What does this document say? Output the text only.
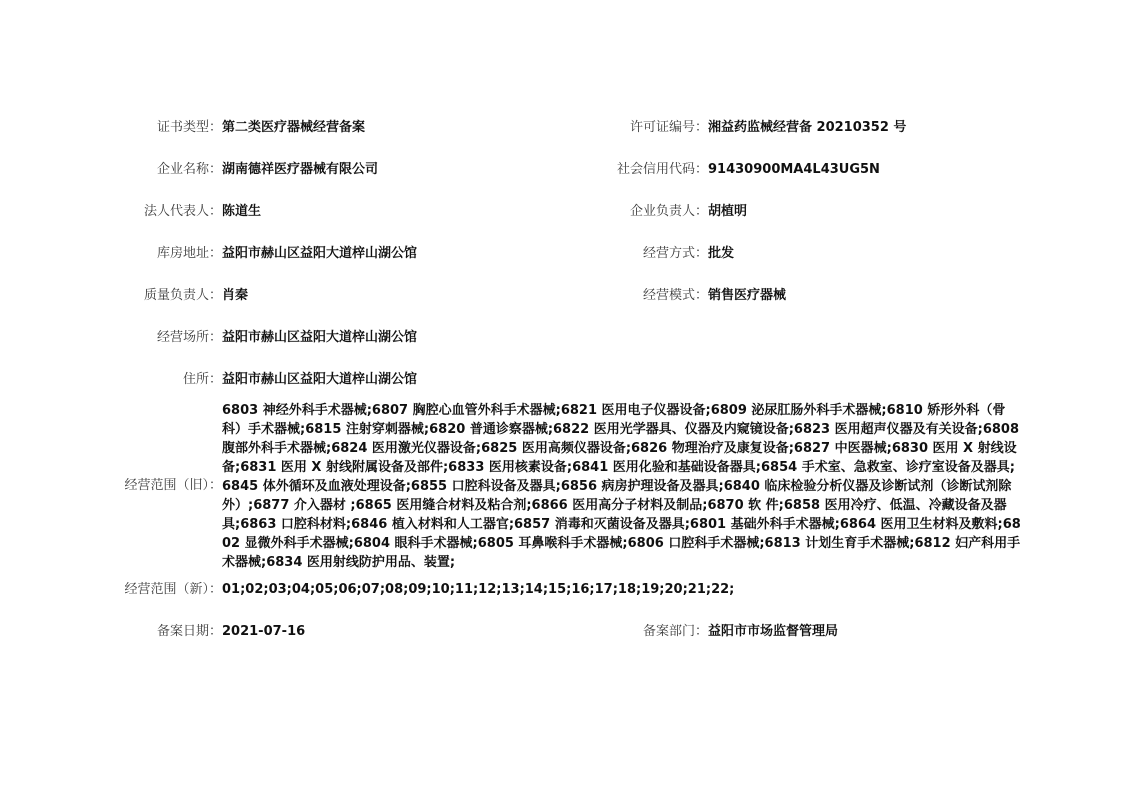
证书类型： 第二类医疗器械经营备案	许可证编号： 湘益药监械经营备 20210352 号
企业名称： 湖南德祥医疗器械有限公司	社会信用代码： 91430900MA4L43UG5N
法人代表人： 陈道生	企业负责人： 胡植明
库房地址： 益阳市赫山区益阳大道梓山湖公馆	经营方式： 批发
质量负责人： 肖秦	经营模式： 销售医疗器械
经营场所： 益阳市赫山区益阳大道梓山湖公馆
住所： 益阳市赫山区益阳大道梓山湖公馆
经营范围（旧）：
6803 神经外科手术器械;6807 胸腔心血管外科手术器械;6821 医用电子仪器设备;6809 泌尿肛肠外科手术器械;6810 矫形外科（骨科）手术器械;6815 注射穿刺器械;6820 普通诊察器械;6822 医用光学器具、仪器及内窥镜设备;6823 医用超声仪器及有关设备;6808 腹部外科手术器械;6824 医用激光仪器设备;6825 医用高频仪器设备;6826 物理治疗及康复设备;6827 中医器械;6830 医用 X 射线设备;6831 医用 X 射线附属设备及部件;6833 医用核素设备;6841 医用化验和基础设备器具;6854 手术室、急救室、诊疗室设备及器具;6845 体外循环及血液处理设备;6855 口腔科设备及器具;6856 病房护理设备及器具;6840 临床检验分析仪器及诊断试剂（诊断试剂除外）;6877 介入器材 ;6865 医用缝合材料及粘合剂;6866 医用高分子材料及制品;6870 软 件;6858 医用冷疗、低温、冷藏设备及器具;6863 口腔科材料;6846 植入材料和人工器官;6857 消毒和灭菌设备及器具;6801 基础外科手术器械;6864 医用卫生材料及敷料;6802 显微外科手术器械;6804 眼科手术器械;6805 耳鼻喉科手术器械;6806 口腔科手术器械;6813 计划生育手术器械;6812 妇产科用手术器械;6834 医用射线防护用品、装置;
经营范围（新）： 01;02;03;04;05;06;07;08;09;10;11;12;13;14;15;16;17;18;19;20;21;22;
备案日期： 2021-07-16	备案部门： 益阳市市场监督管理局
